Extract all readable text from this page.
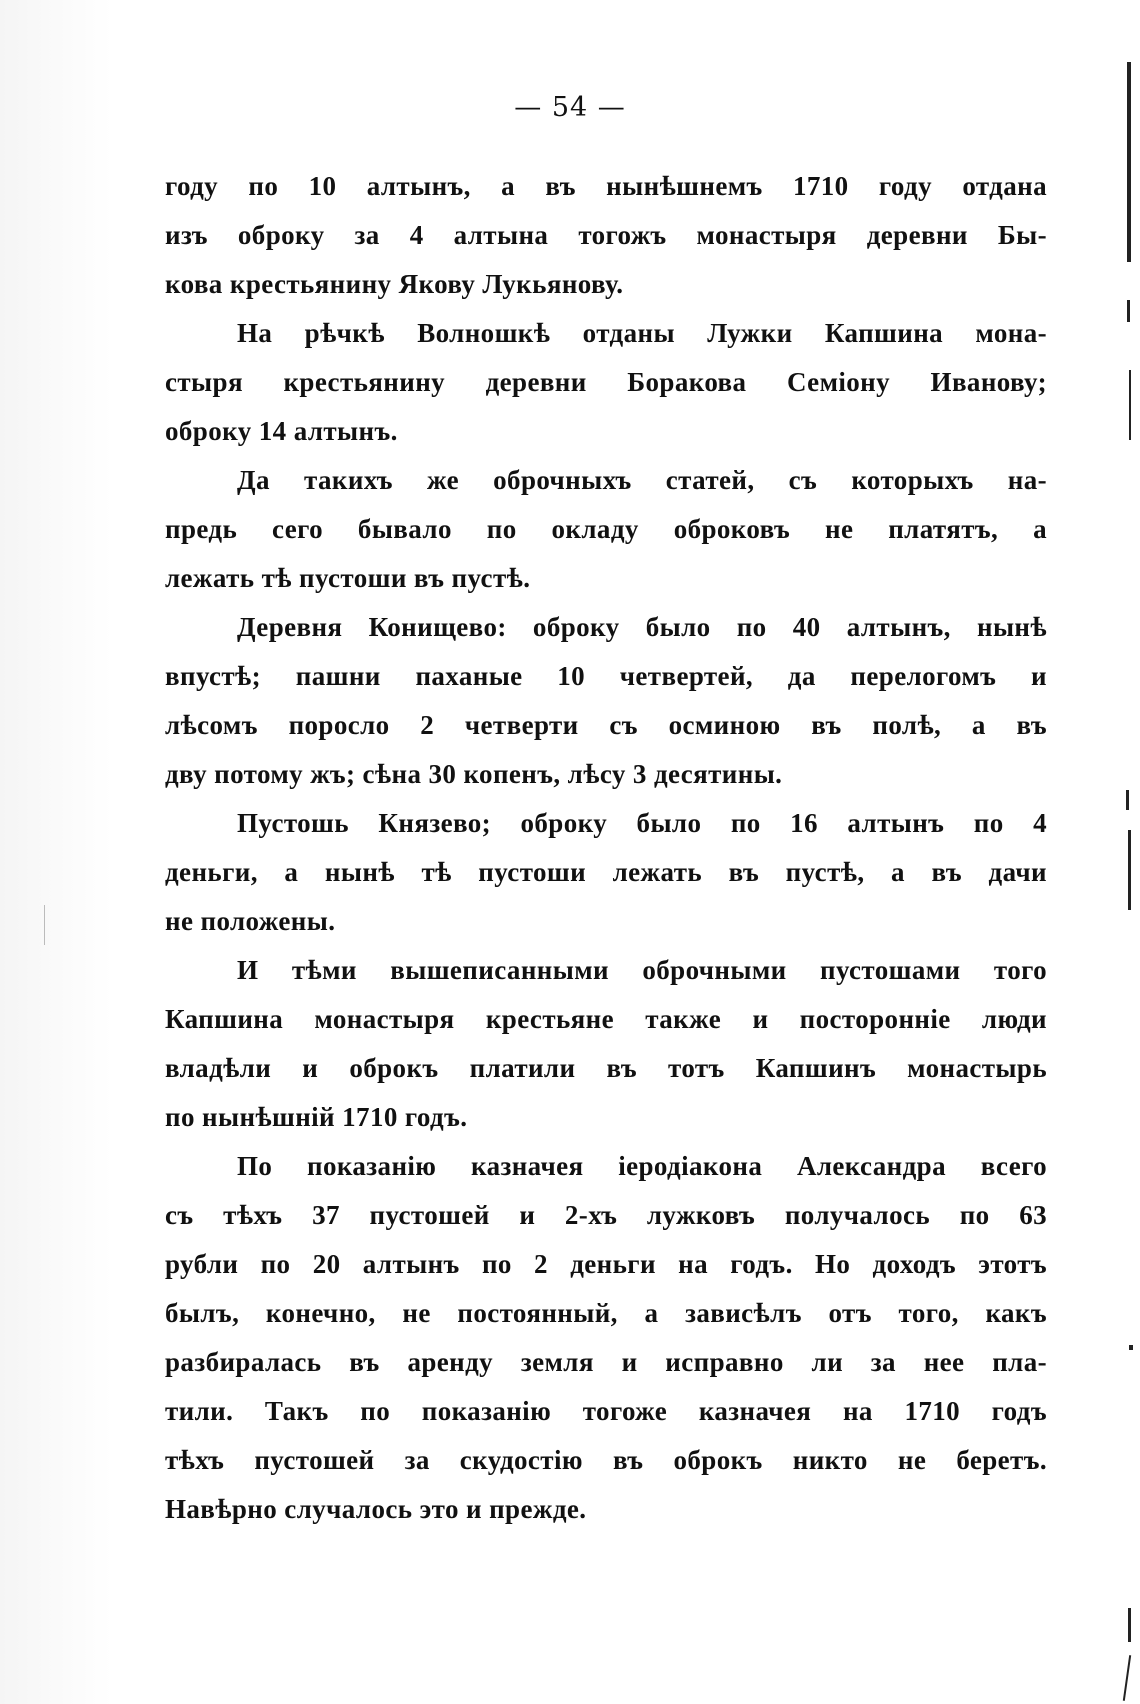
— 54 —

году по 10 алтынъ, а въ нынѣшнемъ 1710 году отдана
изъ оброку за 4 алтына тогожъ монастыря деревни Бы-
кова крестьянину Якову Лукьянову.

На рѣчкѣ Волношкѣ отданы Лужки Капшина мона-
стыря крестьянину деревни Боракова Семіону Иванову;
оброку 14 алтынъ.

Да такихъ же оброчныхъ статей, съ которыхъ на-
предь сего бывало по окладу оброковъ не платятъ, а
лежать тѣ пустоши въ пустѣ.

Деревня Конищево: оброку было по 40 алтынъ, нынѣ
впустѣ; пашни паханые 10 четвертей, да перелогомъ и
лѣсомъ поросло 2 четверти съ осминою въ полѣ, а въ
дву потому жъ; сѣна 30 копенъ, лѣсу 3 десятины.

Пустошь Князево; оброку было по 16 алтынъ по 4
деньги, а нынѣ тѣ пустоши лежать въ пустѣ, а въ дачи
не положены.

И тѣми вышеписанными оброчными пустошами того
Капшина монастыря крестьяне также и посторонніе люди
владѣли и оброкъ платили въ тотъ Капшинъ монастырь
по нынѣшній 1710 годъ.

По показанію казначея іеродіакона Александра всего
съ тѣхъ 37 пустошей и 2-хъ лужковъ получалось по 63
рубли по 20 алтынъ по 2 деньги на годъ. Но доходъ этотъ
былъ, конечно, не постоянный, а зависѣлъ отъ того, какъ
разбиралась въ аренду земля и исправно ли за нее пла-
тили. Такъ по показанію тогоже казначея на 1710 годъ
тѣхъ пустошей за скудостію въ оброкъ никто не беретъ.
Навѣрно случалось это и прежде.
